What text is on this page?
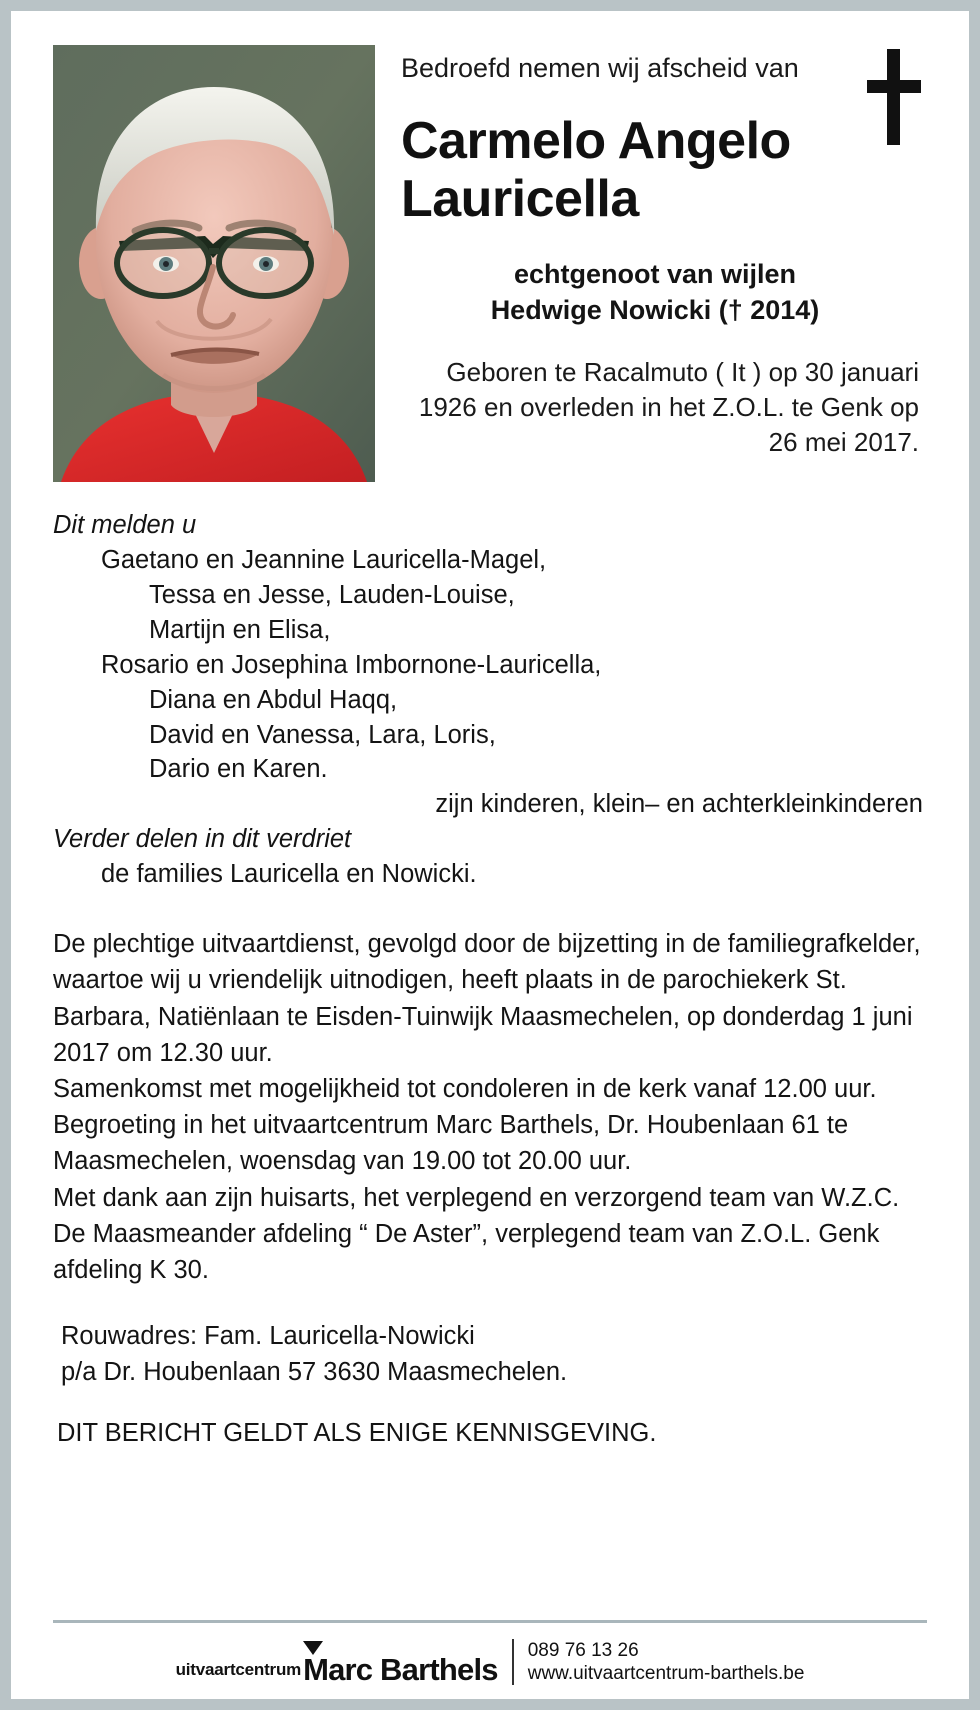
Bedroefd nemen wij afscheid van
Carmelo Angelo
Lauricella
echtgenoot van wijlen
Hedwige Nowicki († 2014)
Geboren te Racalmuto ( It ) op 30 januari 1926 en overleden in het Z.O.L. te Genk op 26 mei 2017.
Dit melden u
Gaetano en Jeannine Lauricella-Magel,
Tessa en Jesse, Lauden-Louise,
Martijn en Elisa,
Rosario en Josephina Imbornone-Lauricella,
Diana en Abdul Haqq,
David en Vanessa, Lara, Loris,
Dario en Karen.
zijn kinderen, klein– en achterkleinkinderen
Verder delen in dit verdriet
de families Lauricella en Nowicki.

De plechtige uitvaartdienst, gevolgd door de bijzetting in de familiegrafkelder, waartoe wij u vriendelijk uitnodigen, heeft plaats in de parochiekerk St. Barbara, Natiënlaan te Eisden-Tuinwijk Maasmechelen, op donderdag 1 juni 2017 om 12.30 uur.

Samenkomst met mogelijkheid tot condoleren in de kerk vanaf 12.00 uur.

Begroeting in het uitvaartcentrum Marc Barthels, Dr. Houbenlaan 61 te Maasmechelen, woensdag van 19.00 tot 20.00 uur.

Met dank aan zijn huisarts, het verplegend en verzorgend team van W.Z.C. De Maasmeander afdeling “ De Aster”, verplegend team van Z.O.L. Genk afdeling K 30.

Rouwadres: Fam. Lauricella-Nowicki
p/a Dr. Houbenlaan 57 3630 Maasmechelen.
DIT BERICHT GELDT ALS ENIGE KENNISGEVING.
uitvaartcentrum Marc Barthels
089 76 13 26
www.uitvaartcentrum-barthels.be
